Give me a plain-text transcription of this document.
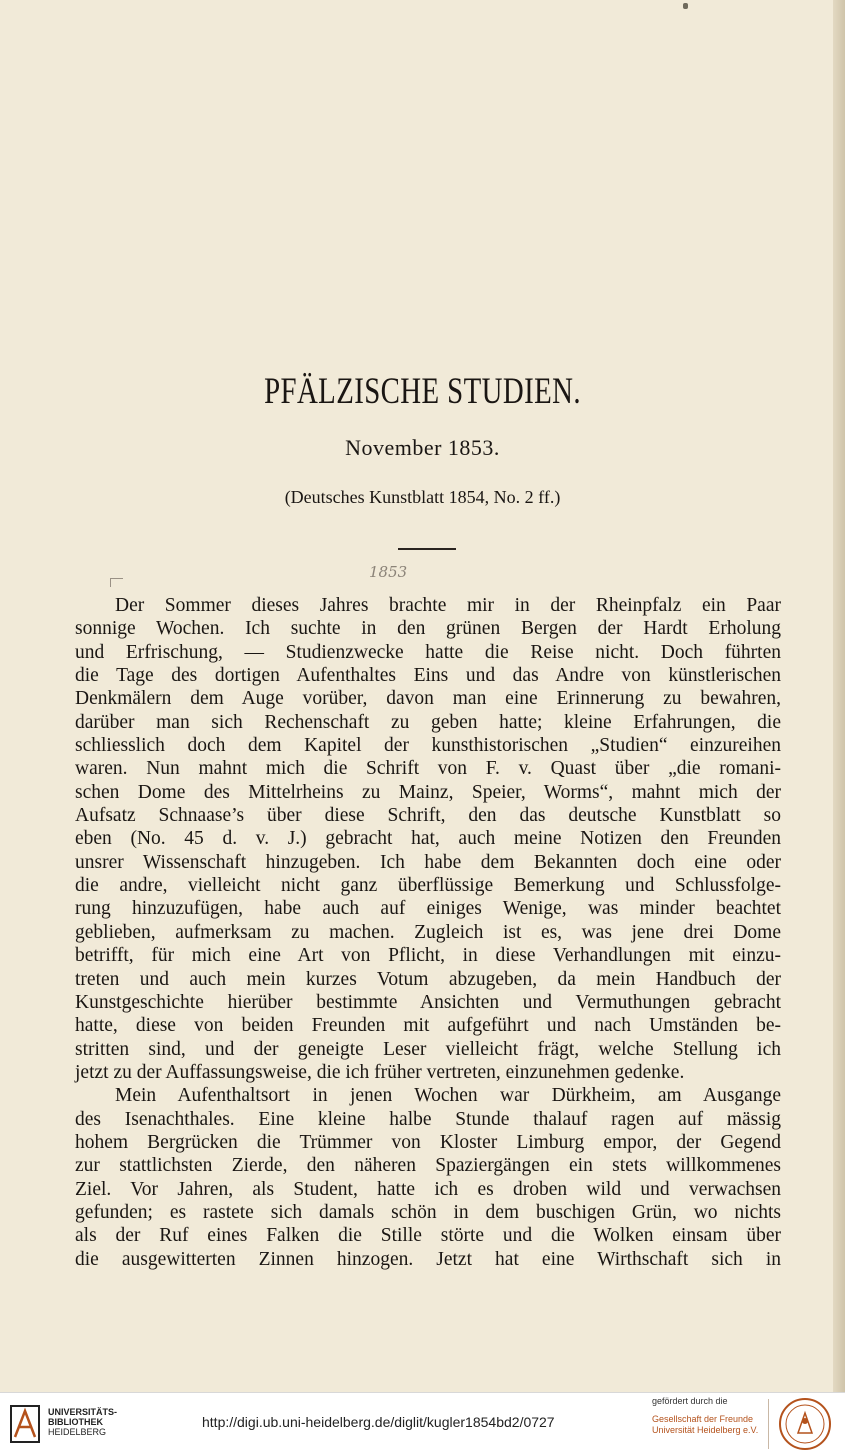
PFÄLZISCHE STUDIEN.
November 1853.
(Deutsches Kunstblatt 1854, No. 2 ff.)
1853
Der Sommer dieses Jahres brachte mir in der Rheinpfalz ein Paar
sonnige Wochen. Ich suchte in den grünen Bergen der Hardt Erholung
und Erfrischung, — Studienzwecke hatte die Reise nicht. Doch führten
die Tage des dortigen Aufenthaltes Eins und das Andre von künstlerischen
Denkmälern dem Auge vorüber, davon man eine Erinnerung zu bewahren,
darüber man sich Rechenschaft zu geben hatte; kleine Erfahrungen, die
schliesslich doch dem Kapitel der kunsthistorischen „Studien“ einzureihen
waren. Nun mahnt mich die Schrift von F. v. Quast über „die romani-
schen Dome des Mittelrheins zu Mainz, Speier, Worms“, mahnt mich der
Aufsatz Schnaase’s über diese Schrift, den das deutsche Kunstblatt so
eben (No. 45 d. v. J.) gebracht hat, auch meine Notizen den Freunden
unsrer Wissenschaft hinzugeben. Ich habe dem Bekannten doch eine oder
die andre, vielleicht nicht ganz überflüssige Bemerkung und Schlussfolge-
rung hinzuzufügen, habe auch auf einiges Wenige, was minder beachtet
geblieben, aufmerksam zu machen. Zugleich ist es, was jene drei Dome
betrifft, für mich eine Art von Pflicht, in diese Verhandlungen mit einzu-
treten und auch mein kurzes Votum abzugeben, da mein Handbuch der
Kunstgeschichte hierüber bestimmte Ansichten und Vermuthungen gebracht
hatte, diese von beiden Freunden mit aufgeführt und nach Umständen be-
stritten sind, und der geneigte Leser vielleicht frägt, welche Stellung ich
jetzt zu der Auffassungsweise, die ich früher vertreten, einzunehmen gedenke.
Mein Aufenthaltsort in jenen Wochen war Dürkheim, am Ausgange
des Isenachthales. Eine kleine halbe Stunde thalauf ragen auf mässig
hohem Bergrücken die Trümmer von Kloster Limburg empor, der Gegend
zur stattlichsten Zierde, den näheren Spaziergängen ein stets willkommenes
Ziel. Vor Jahren, als Student, hatte ich es droben wild und verwachsen
gefunden; es rastete sich damals schön in dem buschigen Grün, wo nichts
als der Ruf eines Falken die Stille störte und die Wolken einsam über
die ausgewitterten Zinnen hinzogen. Jetzt hat eine Wirthschaft sich in
UNIVERSITÄTS-
BIBLIOTHEK
HEIDELBERG
http://digi.ub.uni-heidelberg.de/diglit/kugler1854bd2/0727
gefördert durch die
Gesellschaft der Freunde
Universität Heidelberg e.V.
